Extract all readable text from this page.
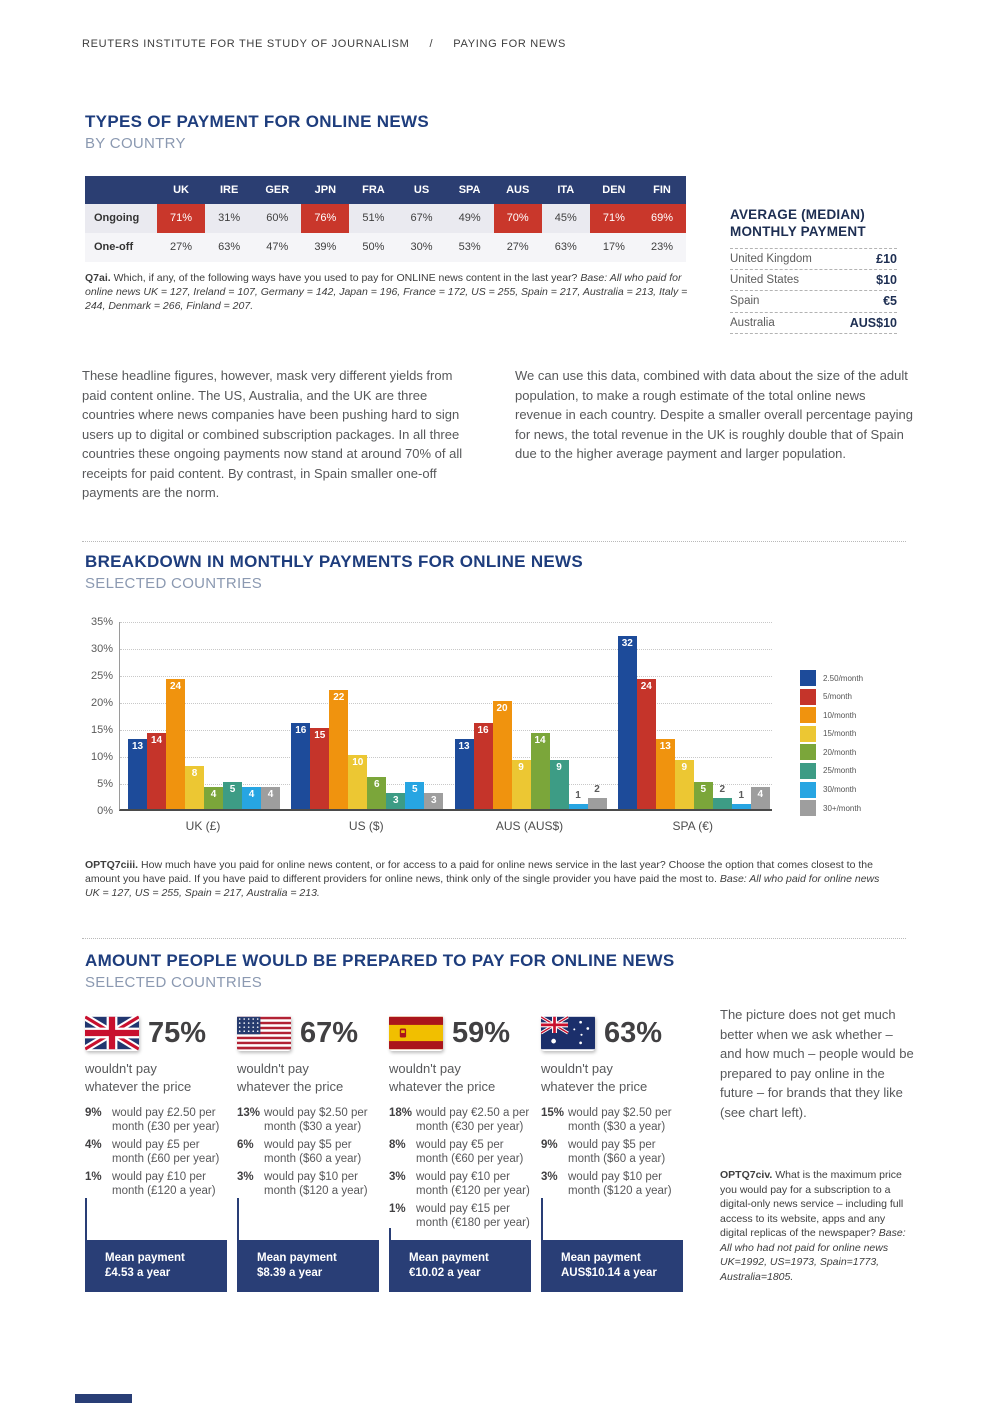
REUTERS INSTITUTE FOR THE STUDY OF JOURNALISM / PAYING FOR NEWS
TYPES OF PAYMENT FOR ONLINE NEWS
BY COUNTRY
UK	IRE	GER	JPN	FRA	US	SPA	AUS	ITA	DEN	FIN
Ongoing	71%	31%	60%	76%	51%	67%	49%	70%	45%	71%	69%
One-off	27%	63%	47%	39%	50%	30%	53%	27%	63%	17%	23%
AVERAGE (MEDIAN)
MONTHLY PAYMENT
United Kingdom	£10
United States	$10
Spain	€5
Australia	AUS$10

Q7ai. Which, if any, of the following ways have you used to pay for ONLINE news content in the last year? Base: All who paid for online news UK = 127, Ireland = 107, Germany = 142, Japan = 196, France = 172, US = 255, Spain = 217, Australia = 213, Italy = 244, Denmark = 266, Finland = 207.

These headline figures, however, mask very different yields from paid content online. The US, Australia, and the UK are three countries where news companies have been pushing hard to sign users up to digital or combined subscription packages. In all three countries these ongoing payments now stand at around 70% of all receipts for paid content. By contrast, in Spain smaller one-off payments are the norm.

We can use this data, combined with data about the size of the adult population, to make a rough estimate of the total online news revenue in each country. Despite a smaller overall percentage paying for news, the total revenue in the UK is roughly double that of Spain due to the higher average payment and larger population.

BREAKDOWN IN MONTHLY PAYMENTS FOR ONLINE NEWS
SELECTED COUNTRIES
0%
5%
10%
15%
20%
25%
30%
35%
13 14
24
8
4	5	4	4
16 15
22
10
6
3
5
3
13
16
20
9
14
9
1	2
32
24
13
9
5	2	1	4
UK (£)	US ($)	AUS (AUS$)	SPA (€)
2.50/month
5/month
10/month
15/month
20/month
25/month
30/month
30+/month

OPTQ7ciii. How much have you paid for online news content, or for access to a paid for online news service in the last year? Choose the option that comes closest to the amount you have paid. If you have paid to different providers for online news, think only of the single provider you have paid the most to. Base: All who paid for online news UK = 127, US = 255, Spain = 217, Australia = 213.

AMOUNT PEOPLE WOULD BE PREPARED TO PAY FOR ONLINE NEWS
SELECTED COUNTRIES
75%
wouldn't pay
whatever the price
9% would pay £2.50 per month (£30 per year)
4% would pay £5 per month (£60 per year)
1% would pay £10 per month (£120 a year)
Mean payment
£4.53 a year
67%
wouldn't pay
whatever the price
13% would pay $2.50 per month ($30 a year)
6% would pay $5 per month ($60 a year)
3% would pay $10 per month ($120 a year)
Mean payment
$8.39 a year
59%
wouldn't pay
whatever the price
18% would pay €2.50 a per month (€30 per year)
8% would pay €5 per month (€60 per year)
3% would pay €10 per month (€120 per year)
1% would pay €15 per month (€180 per year)
Mean payment
€10.02 a year
63%
wouldn't pay
whatever the price
15% would pay $2.50 per month ($30 a year)
9% would pay $5 per month ($60 a year)
3% would pay $10 per month ($120 a year)
Mean payment
AUS$10.14 a year

The picture does not get much better when we ask whether – and how much – people would be prepared to pay online in the future – for brands that they like (see chart left).

OPTQ7civ. What is the maximum price you would pay for a subscription to a digital-only news service – including full access to its website, apps and any digital replicas of the newspaper? Base: All who had not paid for online news UK=1992, US=1973, Spain=1773, Australia=1805.
